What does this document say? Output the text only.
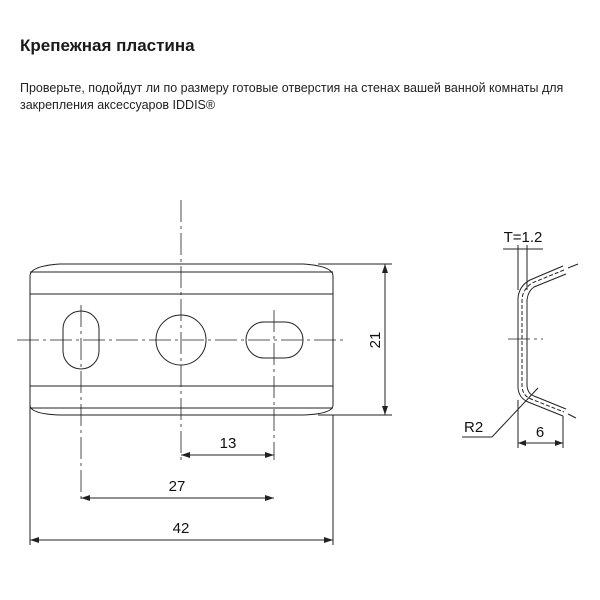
Крепежная пластина
Проверьте, подойдут ли по размеру готовые отверстия на стенах вашей ванной комнаты для закрепления аксессуаров IDDIS®
21
13
27
42
T=1.2
R2	6
